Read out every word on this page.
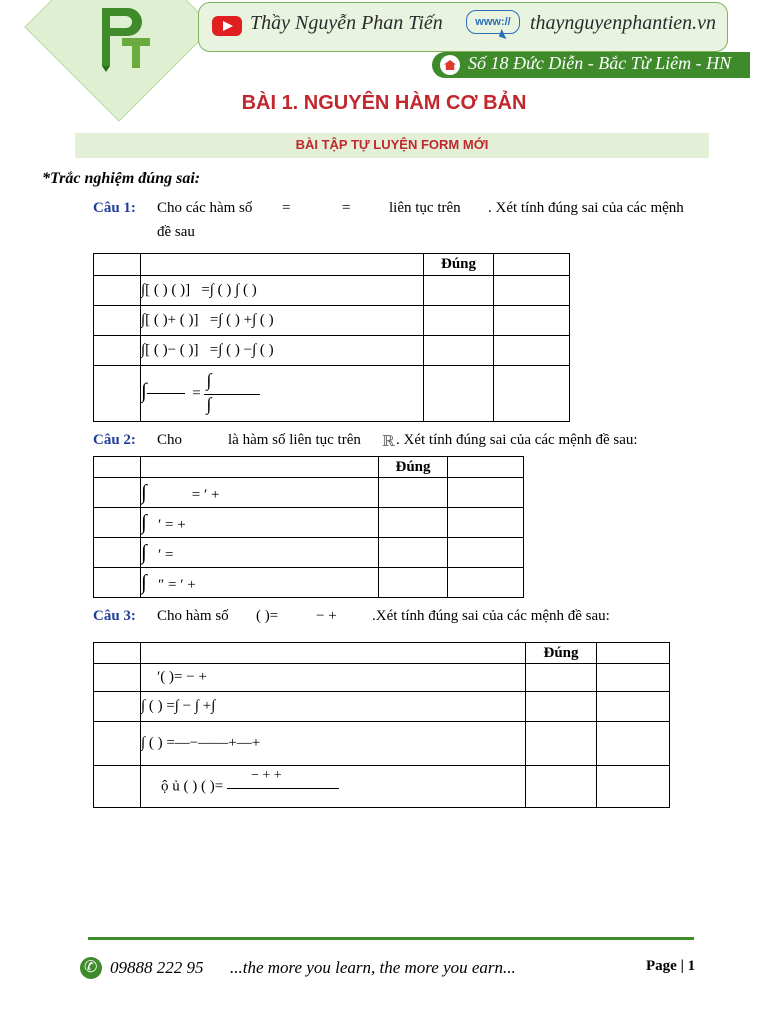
Thầy Nguyễn Phan Tiến	www:// thaynguyenphantien.vn
Số 18 Đức Diễn - Bắc Từ Liêm - HN
BÀI 1. NGUYÊN HÀM CƠ BẢN
BÀI TẬP TỰ LUYỆN FORM MỚI
*Trắc nghiệm đúng sai:
Câu 1: Cho các hàm số =	=	liên tục trên . Xét tính đúng sai của các mệnh
đề sau
		Đúng	
	∫[ ( ) ( )] =∫ ( ) ∫ ( )		
	∫[ ( )+ ( )] =∫ ( ) +∫ ( )		
	∫[ ( )− ( )] =∫ ( ) −∫ ( )		
	∫ =
∫
∫		

Câu 2: Cho	là hàm số liên tục trên ℝ . Xét tính đúng sai của các mệnh đề sau:
		Đúng	
	∫ = ′ +		
	∫ ′ = +		
	∫ ′ =		
	∫ ″ = ′ +		
Câu 3: Cho hàm số ( )=	− + .Xét tính đúng sai của các mệnh đề sau:
		Đúng	
	′( )= − +		
	∫ ( ) =∫ − ∫ +∫		
	∫ ( ) =—−——+—+		
	ộ ủ ( ) ( )=
− + +		

✆
09888 222 95 ...the more you learn, the more you earn...	Page | 1
